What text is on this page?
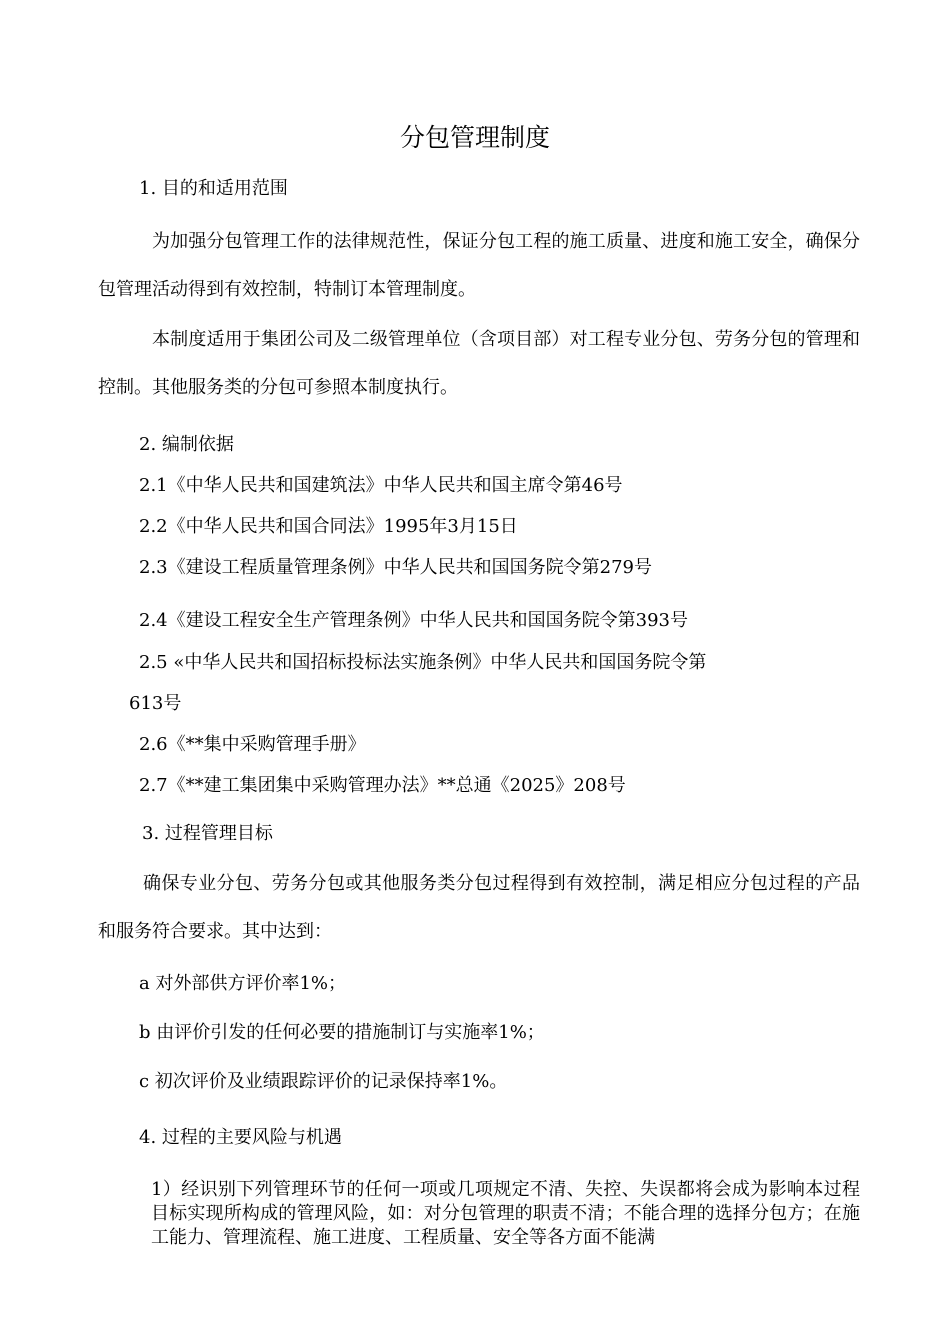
分包管理制度

1. 目的和适用范围

为加强分包管理工作的法律规范性，保证分包工程的施工质量、进度和施工安全，确保分包管理活动得到有效控制，特制订本管理制度。

本制度适用于集团公司及二级管理单位（含项目部）对工程专业分包、劳务分包的管理和控制。其他服务类的分包可参照本制度执行。

2. 编制依据

2.1《中华人民共和国建筑法》中华人民共和国主席令第46号

2.2《中华人民共和国合同法》1995年3月15日

2.3《建设工程质量管理条例》中华人民共和国国务院令第279号

2.4《建设工程安全生产管理条例》中华人民共和国国务院令第393号

2.5 «中华人民共和国招标投标法实施条例》中华人民共和国国务院令第

613号

2.6《**集中采购管理手册》

2.7《**建工集团集中采购管理办法》**总通《2025》208号

3. 过程管理目标

确保专业分包、劳务分包或其他服务类分包过程得到有效控制，满足相应分包过程的产品和服务符合要求。其中达到：

a 对外部供方评价率1%；

b 由评价引发的任何必要的措施制订与实施率1%；

c 初次评价及业绩跟踪评价的记录保持率1%。

4. 过程的主要风险与机遇

1）经识别下列管理环节的任何一项或几项规定不清、失控、失误都将会成为影响本过程目标实现所构成的管理风险，如：对分包管理的职责不清；不能合理的选择分包方；在施工能力、管理流程、施工进度、工程质量、安全等各方面不能满
